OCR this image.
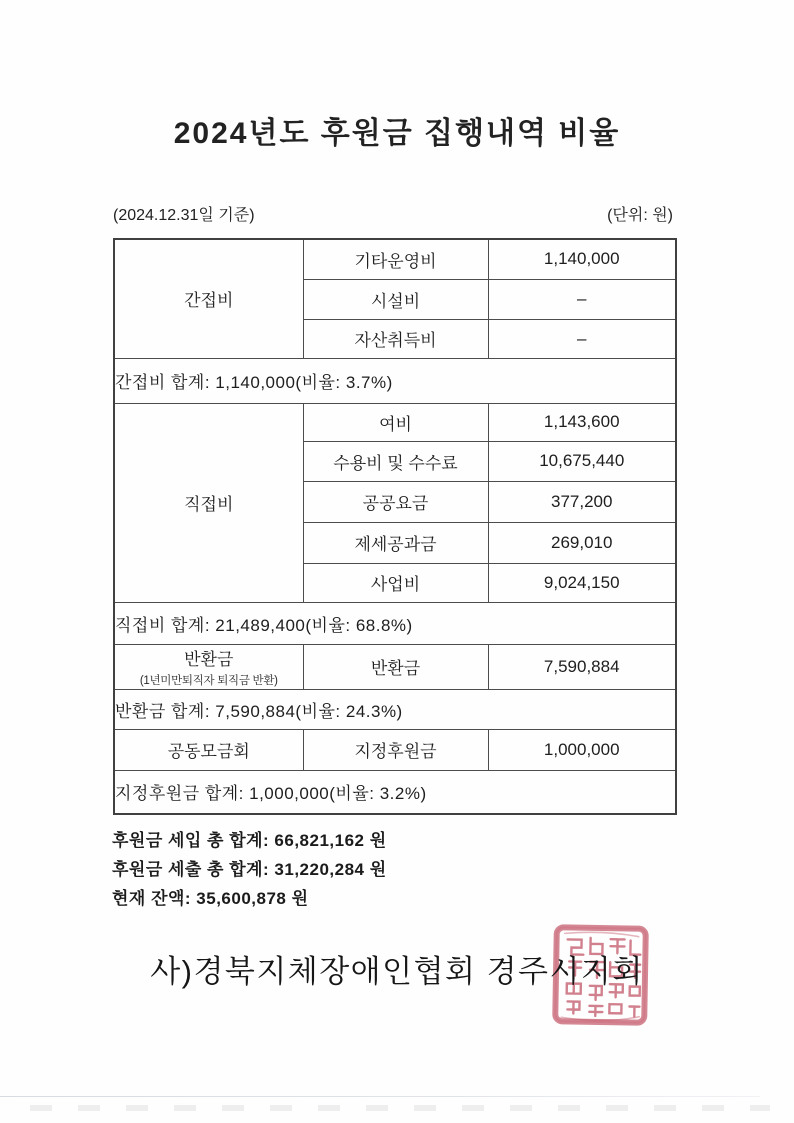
2024년도 후원금 집행내역 비율
(2024.12.31일 기준)	(단위: 원)
간접비	기타운영비	1,140,000
	시설비	–
	자산취득비	–
간접비 합계: 1,140,000(비율: 3.7%)		
직접비	여비	1,143,600
	수용비 및 수수료	10,675,440
	공공요금	377,200
	제세공과금	269,010
	사업비	9,024,150
직접비 합계: 21,489,400(비율: 68.8%)		
반환금
(1년미만퇴직자 퇴직금 반환)	반환금	7,590,884
반환금 합계: 7,590,884(비율: 24.3%)		
공동모금회	지정후원금	1,000,000
지정후원금 합계: 1,000,000(비율: 3.2%)		
후원금 세입 총 합계: 66,821,162 원
후원금 세출 총 합계: 31,220,284 원
현재 잔액: 35,600,878 원
사)경북지체장애인협회 경주시지회
